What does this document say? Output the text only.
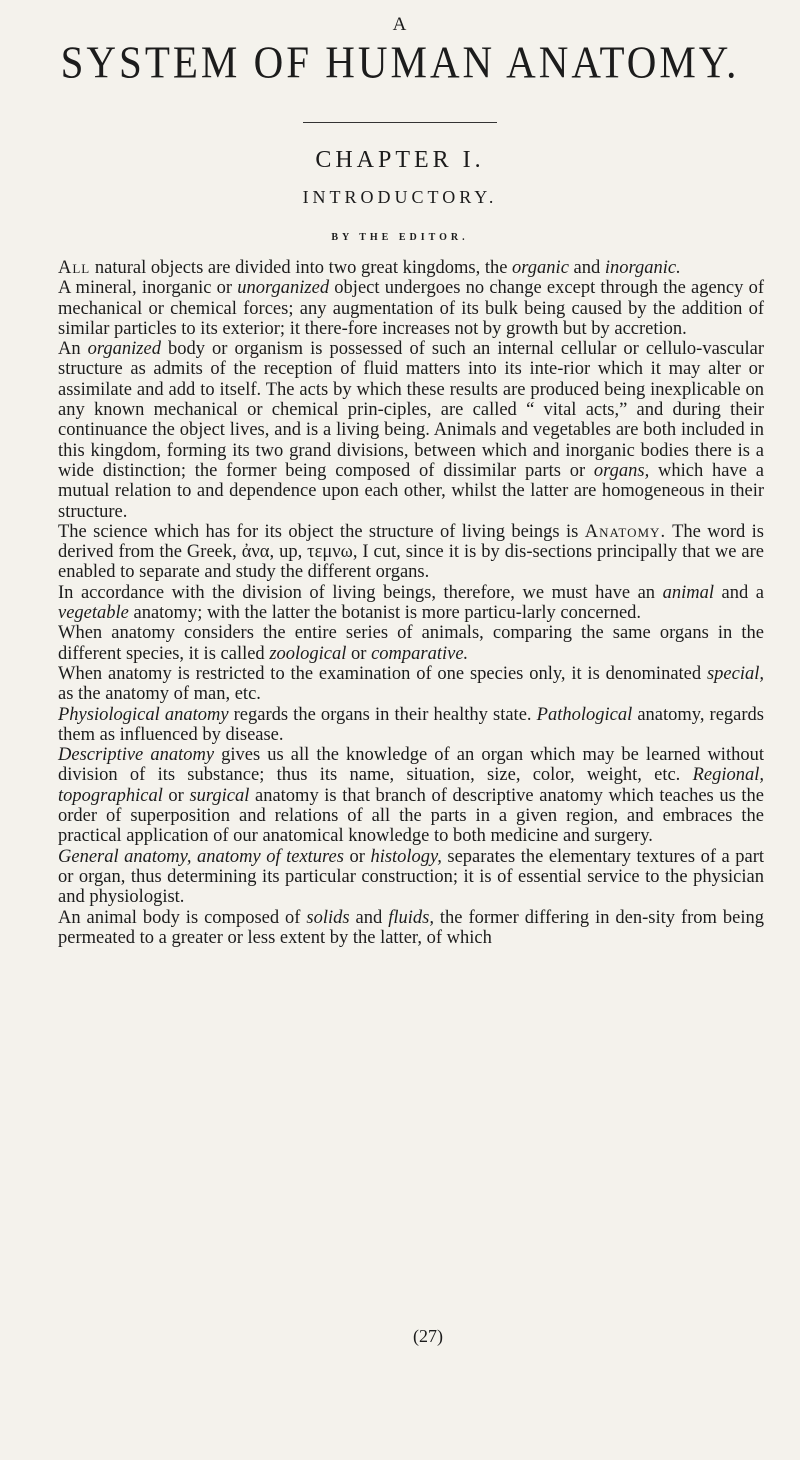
A
SYSTEM OF HUMAN ANATOMY.
CHAPTER I.
INTRODUCTORY.
BY THE EDITOR.

All natural objects are divided into two great kingdoms, the organic and inorganic.

A mineral, inorganic or unorganized object undergoes no change except through the agency of mechanical or chemical forces; any augmentation of its bulk being caused by the addition of similar particles to its exterior; it there-fore increases not by growth but by accretion.

An organized body or organism is possessed of such an internal cellular or cellulo-vascular structure as admits of the reception of fluid matters into its inte-rior which it may alter or assimilate and add to itself. The acts by which these results are produced being inexplicable on any known mechanical or chemical prin-ciples, are called “ vital acts,” and during their continuance the object lives, and is a living being. Animals and vegetables are both included in this kingdom, forming its two grand divisions, between which and inorganic bodies there is a wide distinction; the former being composed of dissimilar parts or organs, which have a mutual relation to and dependence upon each other, whilst the latter are homogeneous in their structure.

The science which has for its object the structure of living beings is Anatomy. The word is derived from the Greek, ἀνα, up, τεμνω, I cut, since it is by dis-sections principally that we are enabled to separate and study the different organs.

In accordance with the division of living beings, therefore, we must have an animal and a vegetable anatomy; with the latter the botanist is more particu-larly concerned.

When anatomy considers the entire series of animals, comparing the same organs in the different species, it is called zoological or comparative.

When anatomy is restricted to the examination of one species only, it is denominated special, as the anatomy of man, etc.

Physiological anatomy regards the organs in their healthy state. Pathological anatomy, regards them as influenced by disease.

Descriptive anatomy gives us all the knowledge of an organ which may be learned without division of its substance; thus its name, situation, size, color, weight, etc. Regional, topographical or surgical anatomy is that branch of descriptive anatomy which teaches us the order of superposition and relations of all the parts in a given region, and embraces the practical application of our anatomical knowledge to both medicine and surgery.

General anatomy, anatomy of textures or histology, separates the elementary textures of a part or organ, thus determining its particular construction; it is of essential service to the physician and physiologist.

An animal body is composed of solids and fluids, the former differing in den-sity from being permeated to a greater or less extent by the latter, of which

(27)
